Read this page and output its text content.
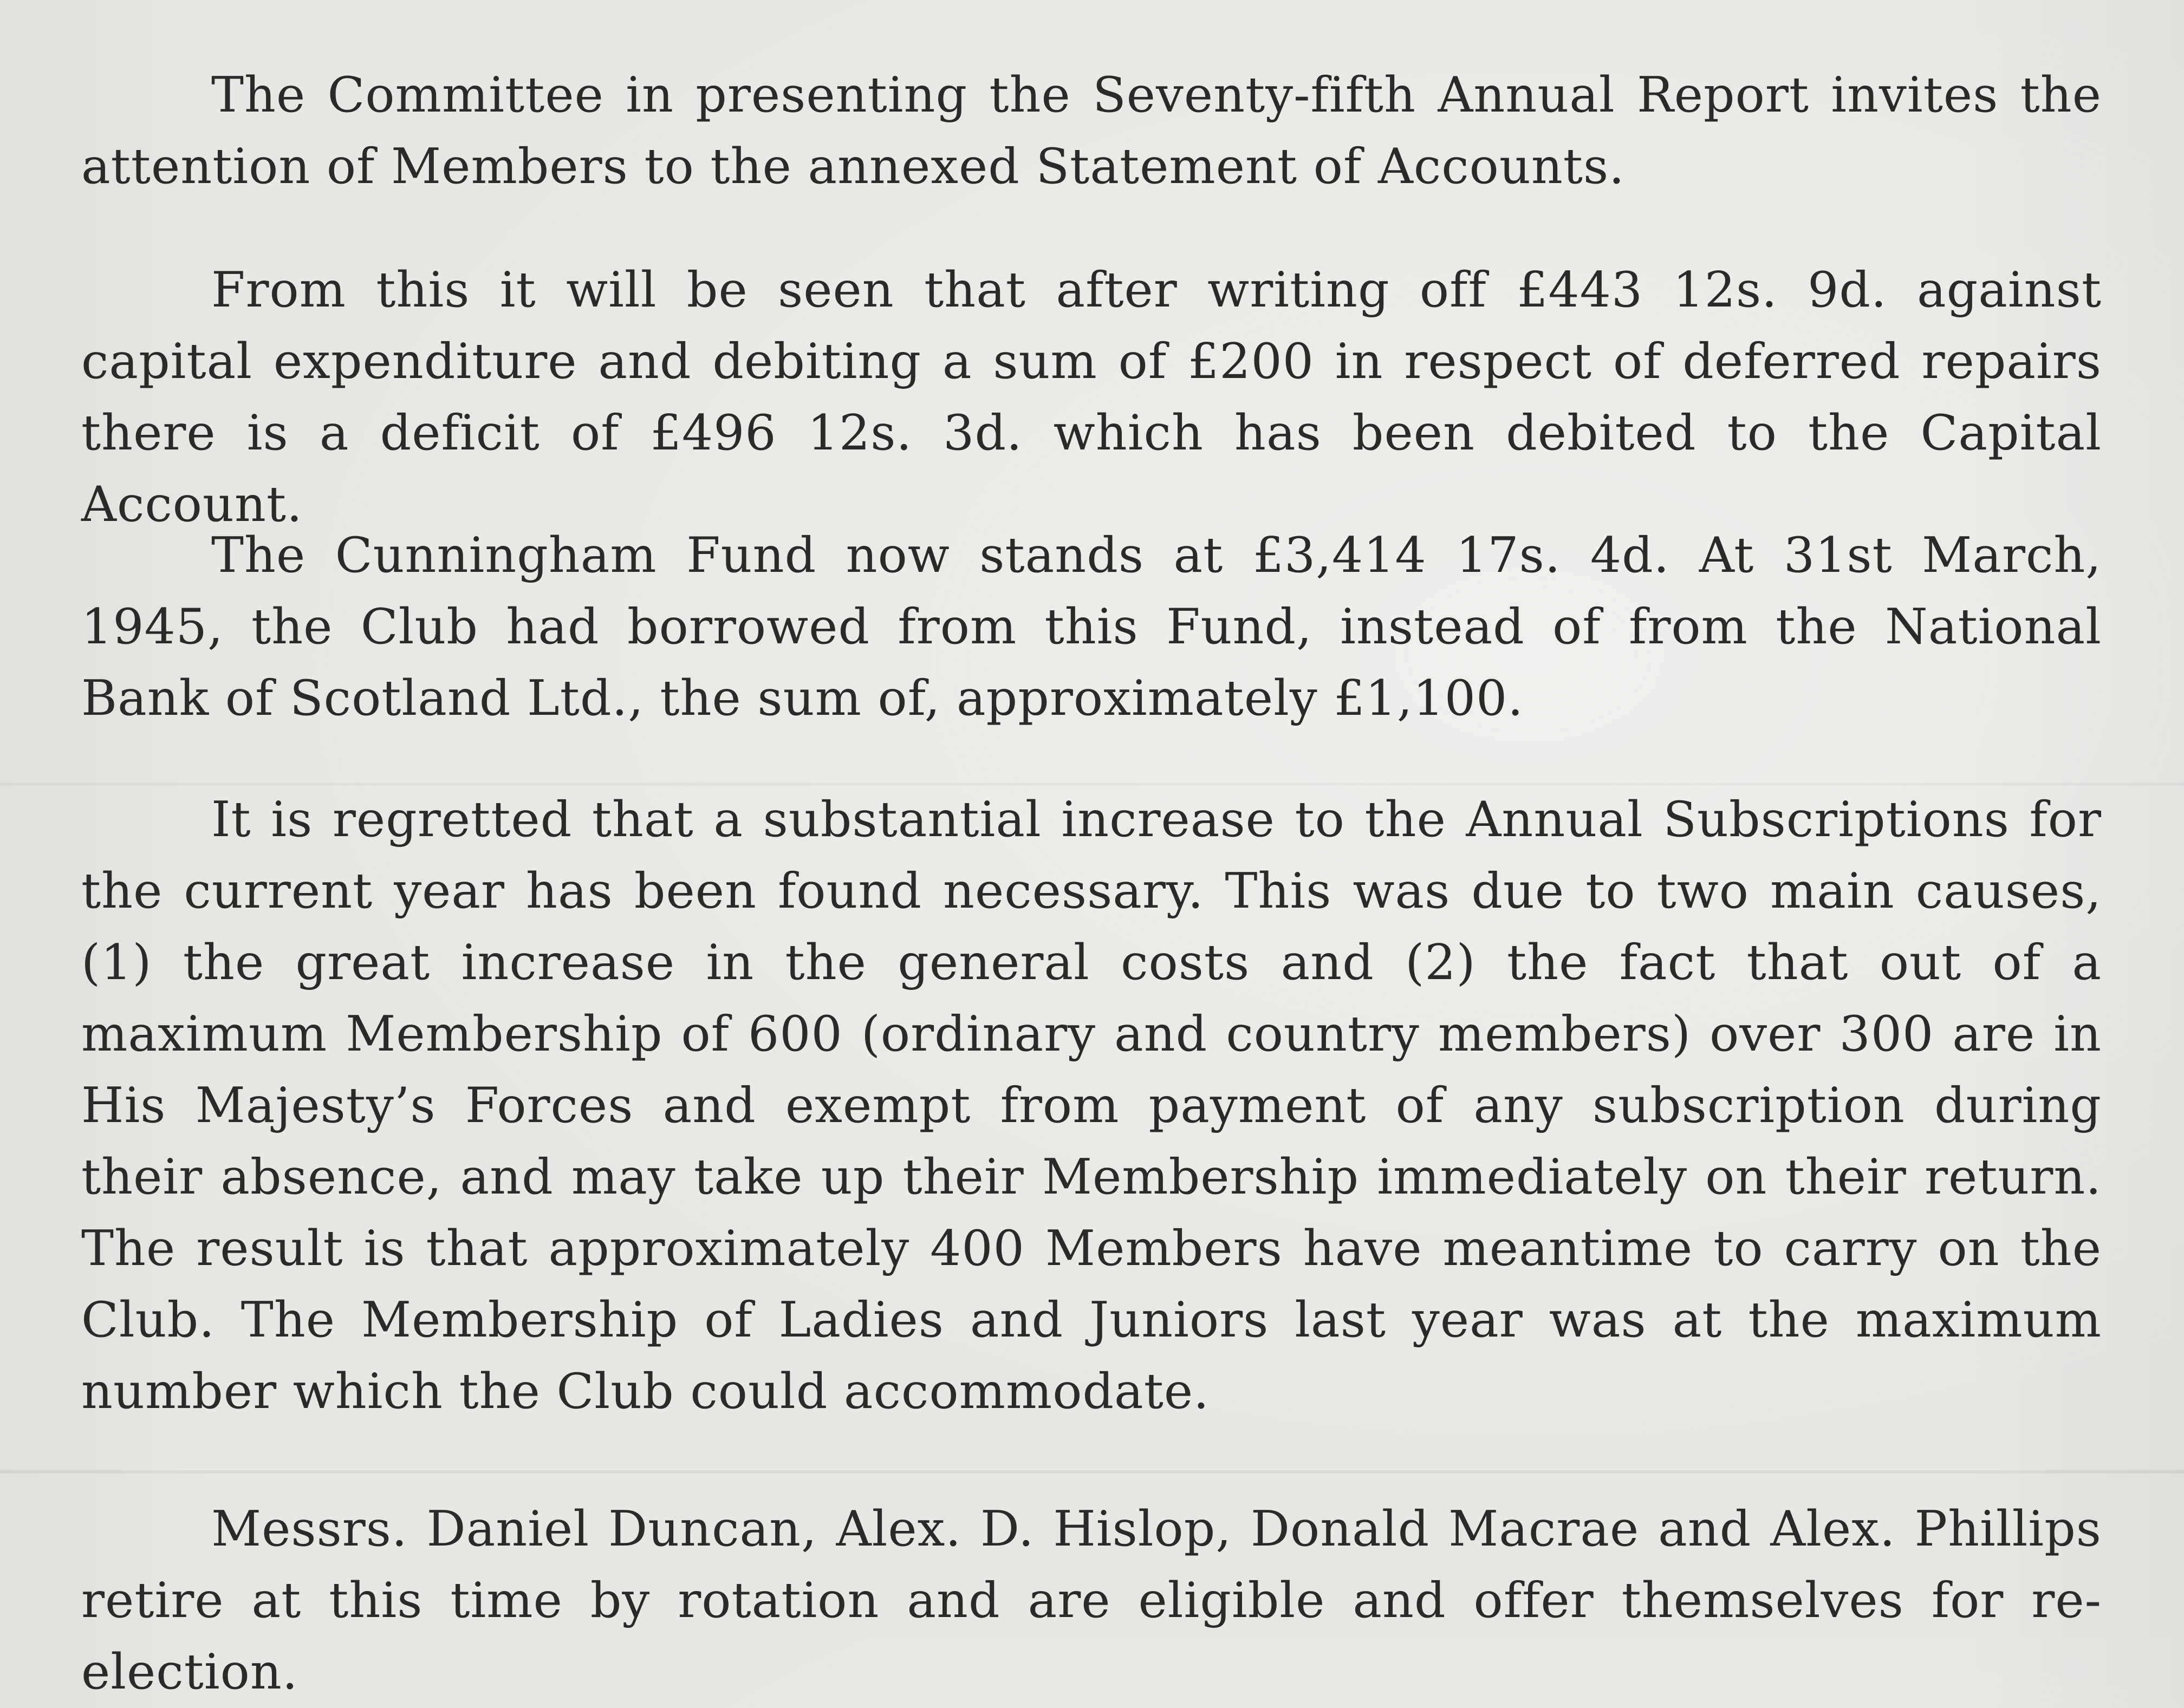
The Committee in presenting the Seventy-fifth Annual Report invites the attention of Members to the annexed Statement of Accounts.

From this it will be seen that after writing off £443 12s. 9d. against capital expenditure and debiting a sum of £200 in respect of deferred repairs there is a deficit of £496 12s. 3d. which has been debited to the Capital Account.

The Cunningham Fund now stands at £3,414 17s. 4d. At 31st March, 1945, the Club had borrowed from this Fund, instead of from the National Bank of Scotland Ltd., the sum of, approximately £1,100.

It is regretted that a substantial increase to the Annual Subscriptions for the current year has been found necessary. This was due to two main causes, (1) the great increase in the general costs and (2) the fact that out of a maximum Membership of 600 (ordinary and country members) over 300 are in His Majesty’s Forces and exempt from payment of any subscription during their absence, and may take up their Membership immediately on their return. The result is that approximately 400 Members have meantime to carry on the Club. The Membership of Ladies and Juniors last year was at the maximum number which the Club could accommodate.

Messrs. Daniel Duncan, Alex. D. Hislop, Donald Macrae and Alex. Phillips retire at this time by rotation and are eligible and offer themselves for re-election.
